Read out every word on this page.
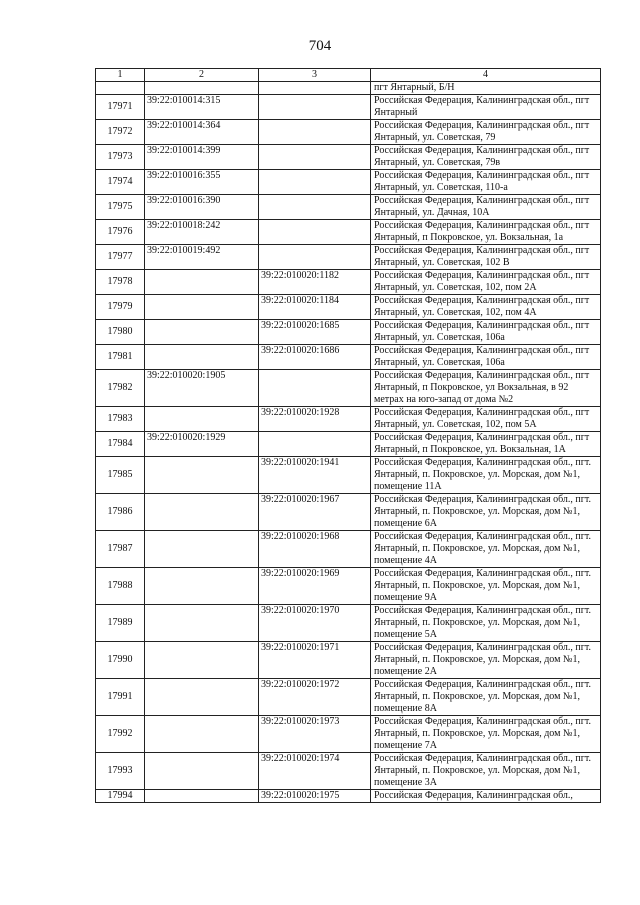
704
1	2	3	4
			пгт Янтарный, Б/Н
17971	39:22:010014:315		Российская Федерация, Калининградская обл., пгт Янтарный
17972	39:22:010014:364		Российская Федерация, Калининградская обл., пгт Янтарный, ул. Советская, 79
17973	39:22:010014:399		Российская Федерация, Калининградская обл., пгт Янтарный, ул. Советская, 79в
17974	39:22:010016:355		Российская Федерация, Калининградская обл., пгт Янтарный, ул. Советская, 110-а
17975	39:22:010016:390		Российская Федерация, Калининградская обл., пгт Янтарный, ул. Дачная, 10А
17976	39:22:010018:242		Российская Федерация, Калининградская обл., пгт Янтарный, п Покровское, ул. Вокзальная, 1а
17977	39:22:010019:492		Российская Федерация, Калининградская обл., пгт Янтарный, ул. Советская, 102 В
17978		39:22:010020:1182	Российская Федерация, Калининградская обл., пгт Янтарный, ул. Советская, 102, пом 2А
17979		39:22:010020:1184	Российская Федерация, Калининградская обл., пгт Янтарный, ул. Советская, 102, пом 4А
17980		39:22:010020:1685	Российская Федерация, Калининградская обл., пгт Янтарный, ул. Советская, 106а
17981		39:22:010020:1686	Российская Федерация, Калининградская обл., пгт Янтарный, ул. Советская, 106а
17982	39:22:010020:1905		Российская Федерация, Калининградская обл., пгт Янтарный, п Покровское, ул Вокзальная, в 92 метрах на юго-запад от дома №2
17983		39:22:010020:1928	Российская Федерация, Калининградская обл., пгт Янтарный, ул. Советская, 102, пом 5А
17984	39:22:010020:1929		Российская Федерация, Калининградская обл., пгт Янтарный, п Покровское, ул. Вокзальная, 1А
17985		39:22:010020:1941	Российская Федерация, Калининградская обл., пгт. Янтарный, п. Покровское, ул. Морская, дом №1, помещение 11А
17986		39:22:010020:1967	Российская Федерация, Калининградская обл., пгт. Янтарный, п. Покровское, ул. Морская, дом №1, помещение 6А
17987		39:22:010020:1968	Российская Федерация, Калининградская обл., пгт. Янтарный, п. Покровское, ул. Морская, дом №1, помещение 4А
17988		39:22:010020:1969	Российская Федерация, Калининградская обл., пгт. Янтарный, п. Покровское, ул. Морская, дом №1, помещение 9А
17989		39:22:010020:1970	Российская Федерация, Калининградская обл., пгт. Янтарный, п. Покровское, ул. Морская, дом №1, помещение 5А
17990		39:22:010020:1971	Российская Федерация, Калининградская обл., пгт. Янтарный, п. Покровское, ул. Морская, дом №1, помещение 2А
17991		39:22:010020:1972	Российская Федерация, Калининградская обл., пгт. Янтарный, п. Покровское, ул. Морская, дом №1, помещение 8А
17992		39:22:010020:1973	Российская Федерация, Калининградская обл., пгт. Янтарный, п. Покровское, ул. Морская, дом №1, помещение 7А
17993		39:22:010020:1974	Российская Федерация, Калининградская обл., пгт. Янтарный, п. Покровское, ул. Морская, дом №1, помещение 3А
17994		39:22:010020:1975	Российская Федерация, Калининградская обл.,
